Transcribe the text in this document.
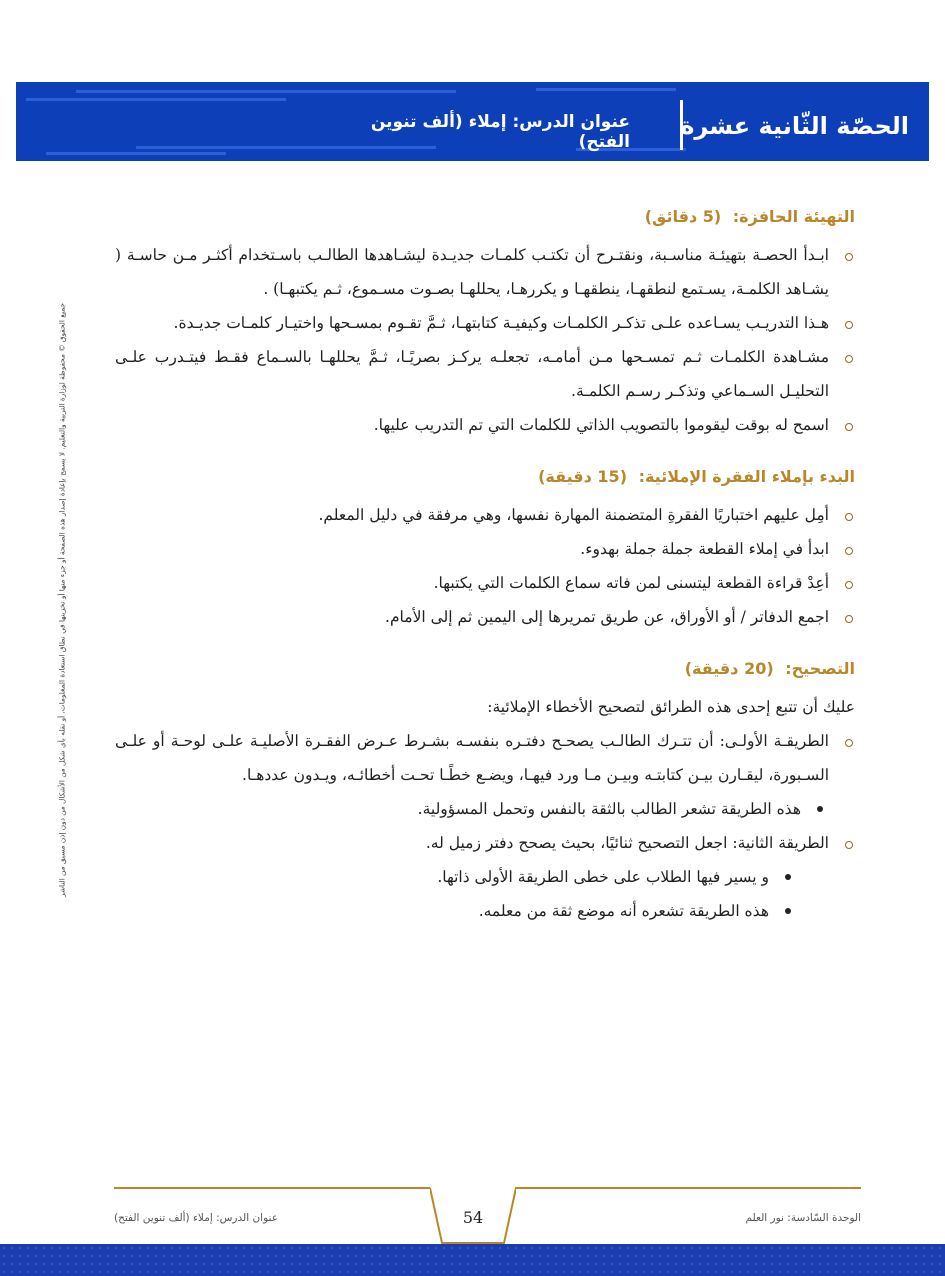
عنوان الدرس: إملاء (ألف تنوين الفتح)
الحصّة الثّانية عشرة
جميع الحقوق © محفوظة لوزارة التربية والتعليم. لا يسمح بإعادة إصدار هذه الصفحة أو جزء منها أو تخزينها في نطاق استعادة المعلومات، أو نقله بأي شكل من الأشكال من دون إذن مسبق من الناشر
التهيئة الحافزة: (5 دقائق)
ابـدأ الحصـة بتهيئـة مناسـبة، ونقتـرح أن تكتـب كلمـات جديـدة ليشـاهدها الطالـب باسـتخدام أكثـر مـن حاسـة ( يشـاهد الكلمـة، يسـتمع لنطقهـا، ينطقهـا و يكررهـا، يحللهـا بصـوت مسـموع، ثـم يكتبهـا) .
هـذا التدريـب يسـاعده علـى تذكـر الكلمـات وكيفيـة كتابتهـا، ثـمَّ تقـوم بمسـحها واختيـار كلمـات جديـدة.
مشـاهدة الكلمـات ثـم تمسـحها مـن أمامـه، تجعلـه يركـز بصريًـا، ثـمَّ يحللهـا بالسـماع فقـط فيتـدرب علـى التحليـل السـماعي وتذكـر رسـم الكلمـة.
اسمح له بوقت ليقوموا بالتصويب الذاتي للكلمات التي تم التدريب عليها.
البدء بإملاء الفقرة الإملائية: (15 دقيقة)
أمِل عليهم اختباريًا الفقرةِ المتضمنة المهارة نفسها، وهي مرفقة في دليل المعلم.
ابدأ في إملاء القطعة جملة جملة بهدوء.
أعِدْ قراءة القطعة ليتسنى لمن فاته سماع الكلمات التي يكتبها.
اجمع الدفاتر / أو الأوراق، عن طريق تمريرها إلى اليمين ثم إلى الأمام.
التصحيح: (20 دقيقة)

عليك أن تتبع إحدى هذه الطرائق لتصحيح الأخطاء الإملائية:

الطريقـة الأولـى: أن تتـرك الطالـب يصحـح دفتـره بنفسـه بشـرط عـرض الفقـرة الأصليـة علـى لوحـة أو علـى السـبورة، ليقـارن بيـن كتابتـه وبيـن مـا ورد فيهـا، ويضـع خطًـا تحـت أخطائـه، ويـدون عددهـا.
هذه الطريقة تشعر الطالب بالثقة بالنفس وتحمل المسؤولية.
الطريقة الثانية: اجعل التصحيح ثنائيًا، بحيث يصحح دفتر زميل له.
و يسير فيها الطلاب على خطى الطريقة الأولى ذاتها.
هذه الطريقة تشعره أنه موضع ثقة من معلمه.
54
عنوان الدرس: إملاء (ألف تنوين الفتح)	الوحدة السّادسة: نور العلم
